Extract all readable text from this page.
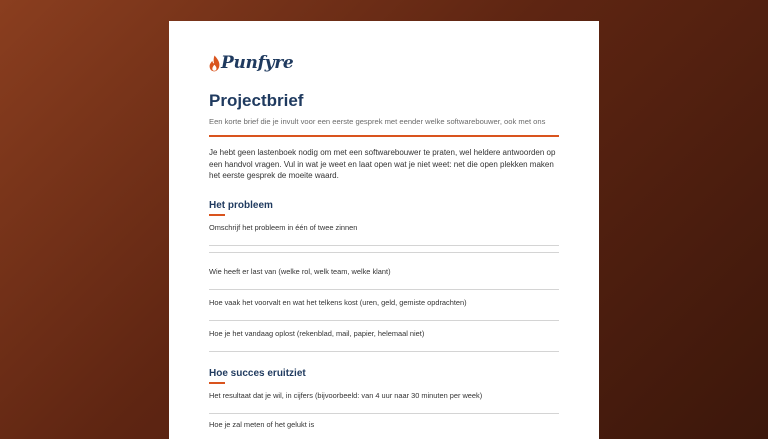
Punfyre
Projectbrief
Een korte brief die je invult voor een eerste gesprek met eender welke softwarebouwer, ook met ons

Je hebt geen lastenboek nodig om met een softwarebouwer te praten, wel heldere antwoorden op een handvol vragen. Vul in wat je weet en laat open wat je niet weet: net die open plekken maken het eerste gesprek de moeite waard.

Het probleem
Omschrijf het probleem in één of twee zinnen
Wie heeft er last van (welke rol, welk team, welke klant)
Hoe vaak het voorvalt en wat het telkens kost (uren, geld, gemiste opdrachten)
Hoe je het vandaag oplost (rekenblad, mail, papier, helemaal niet)
Hoe succes eruitziet
Het resultaat dat je wil, in cijfers (bijvoorbeeld: van 4 uur naar 30 minuten per week)
Hoe je zal meten of het gelukt is
